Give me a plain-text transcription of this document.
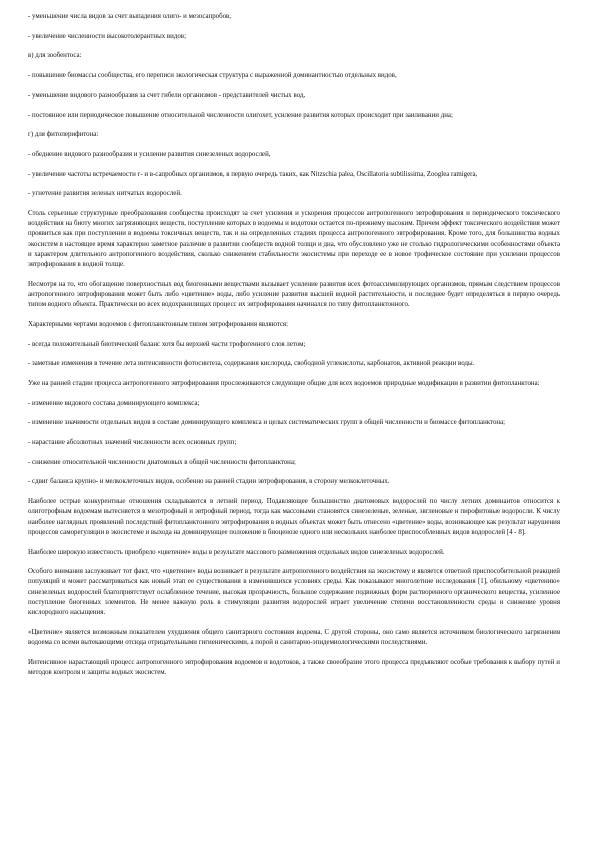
- уменьшение числа видов за счет выпадения олиго- и мезосапробов,

- увеличение численности высокотолерантных видов;

в) для зообентоса:

- повышение биомассы сообщества, его переписи экологическая структура с выраженной доминантностью отдельных видов,

- уменьшение видового разнообразия за счет гибели организмов - представителей чистых вод,

- постоянное или периодическое повышение относительной численности олигохет, усиление развития которых происходит при заиливании дна;

г) для фитоперифитона:

- обеднение видового разнообразия и усиление развития синезеленых водорослей,

- увеличение частоты встречаемости г- и в-сапробных организмов, в первую очередь таких, как Nitzschia palea, Oscillatoria subtilissima, Zooglea ramigera,

- угнетение развития зеленых нитчатых водорослей.

Столь серьезные структурные преобразования сообщества происходят за счет усиления и ускорения процессов антропогенного эвтрофирования и периодического токсического воздействия на биоту многих загрязняющих веществ, поступление которых в водоемы и водотоки остается по-прежнему высоким. Причем эффект токсического воздействия может проявиться как при поступлении в водоемы токсичных веществ, так и на определенных стадиях процесса антропогенного эвтрофирования. Кроме того, для большинства водных экосистем в настоящее время характерно заметное различие в развитии сообществ водной толщи и дна, что обусловлено уже не столько гидрологическими особенностями объекта и характером длительного антропогенного воздействия, сколько снижением стабильности экосистемы при переходе ее в новое трофическое состояние при усилении процессов эвтрофирования в водной толще.

Несмотря на то, что обогащение поверхностных вод биогенными веществами вызывает усиление развития всех фотоассимилирующих организмов, прямым следствием процессов антропогенного эвтрофирования может быть либо «цветение» воды, либо усиление развития высшей водной растительности, и последнее будет определяться в первую очередь типом водного объекта. Практически во всех водохранилищах процесс их эвтрофирования начинался по типу фитопланктонного.

Характерными чертами водоемов с фитопланктонным типом эвтрофирования являются:

- всегда положительный биотический баланс хотя бы верхней части трофогенного слоя летом;

- заметные изменения в течение лета интенсивности фотосинтеза, содержания кислорода, свободной углекислоты, карбонатов, активной реакции воды.

Уже на ранней стадии процесса антропогенного эвтрофирования прослеживаются следующие общие для всех водоемов природные модификации в развитии фитопланктона:

- изменение видового состава доминирующего комплекса;

- изменение значимости отдельных видов в составе доминирующего комплекса и целых систематических групп в общей численности и биомассе фитопланктона;

- нарастание абсолютных значений численности всех основных групп;

- снижение относительной численности диатомовых в общей численности фитопланктона;

- сдвиг баланса крупно- и мелкоклеточных видов, особенно на ранней стадии эвтрофирования, в сторону мелкоклеточных.

Наиболее острые конкурентные отношения складываются в летний период. Подавляющее большинство диатомовых водорослей по числу летних доминантов относится к олиготрофным водоемам вытесняется в мезотрофный и эвтрофный период, тогда как массовыми становятся синезеленые, зеленые, эвгленовые и пирофитовые водоросли. К числу наиболее наглядных проявлений последствий фитопланктонного эвтрофирования в водных объектах может быть отнесено «цветение» воды, возникающее как результат нарушения процессов саморегуляции в экосистеме и выхода на доминирующее положение в биоценозе одного или нескольких наиболее приспособленных видов водорослей [4 - 8].

Наиболее широкую известность приобрело «цветение» воды в результате массового размножения отдельных видов синезеленых водорослей.

Особого внимания заслуживает тот факт, что «цветение» воды возникает в результате антропогенного воздействия на экосистему и является ответной приспособительной реакцией популяций и может рассматриваться как новый этап ее существования в изменившихся условиях среды. Как показывают многолетние исследования [1], обильному «цветению» синезеленых водорослей благоприятствует ослабленное течение, высокая прозрачность, большое содержание подвижных форм растворенного органического вещества, усиленное поступление биогенных элементов. Не менее важную роль в стимуляции развития водорослей играет увеличение степени восстановленности среды и снижение уровня кислородного насыщения.

«Цветение» является возможным показателем ухудшения общего санитарного состояния водоема. С другой стороны, оно само является источником биологического загрязнения водоема со всеми вытекающими отсюда отрицательными гигиеническими, а порой и санитарно-эпидемиологическими последствиями.

Интенсивное нарастающий процесс антропогенного эвтрофирования водоемов и водотоков, а также своеобразие этого процесса предъявляют особые требования к выбору путей и методов контроля и защиты водных экосистем.
